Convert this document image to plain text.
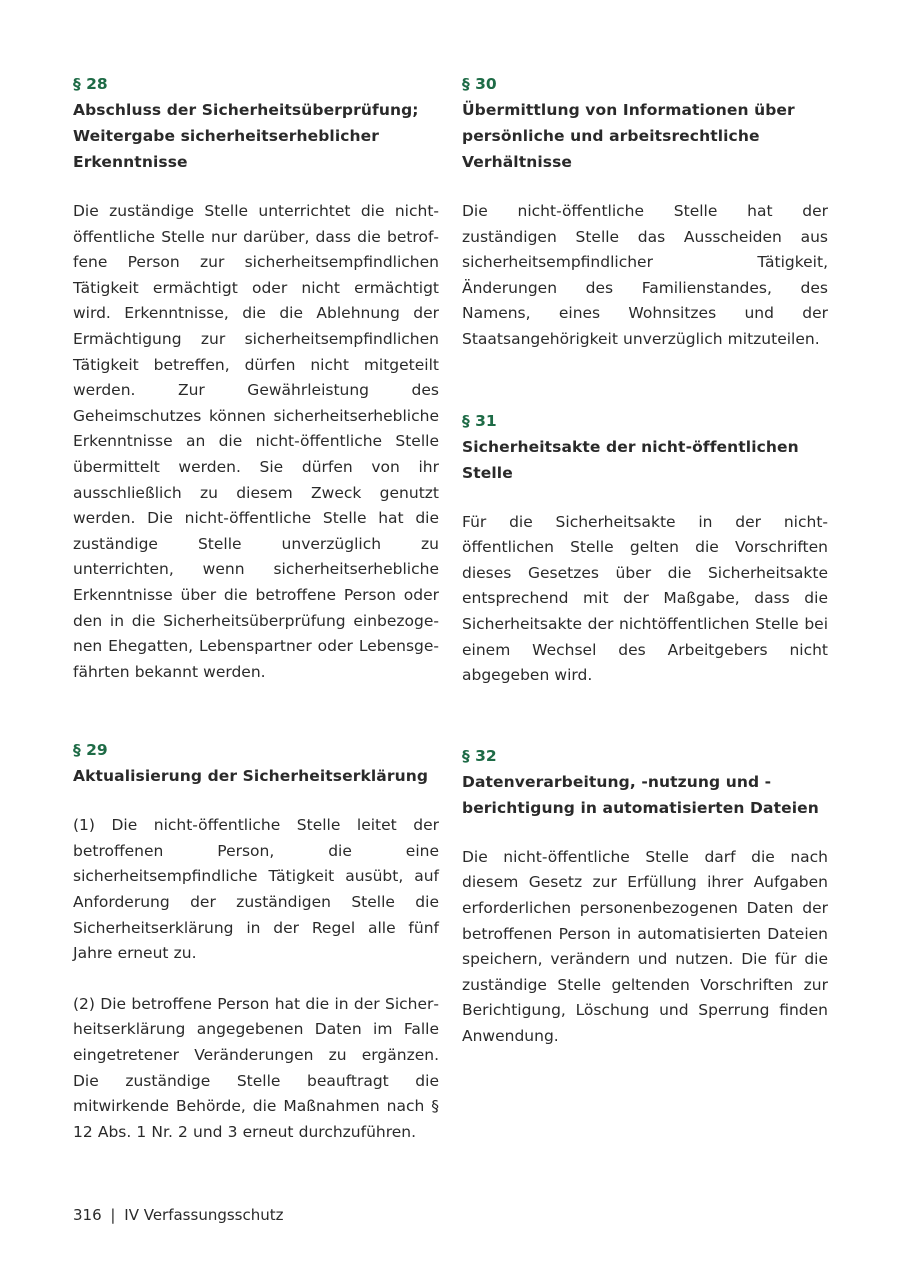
§ 28

Abschluss der Sicherheitsüberprüfung; Weitergabe sicherheitserheblicher Erkenntnisse

Die zuständige Stelle unterrichtet die nichtöffentliche Stelle nur darüber, dass die betroffene Person zur sicherheitsempfindlichen Tätigkeit ermächtigt oder nicht ermächtigt wird. Erkenntnisse, die die Ablehnung der Ermächtigung zur sicherheitsempfindlichen Tätigkeit betreffen, dürfen nicht mitgeteilt werden. Zur Gewährleistung des Geheimschutzes können sicherheitserhebliche Erkenntnisse an die nicht-öffentliche Stelle übermittelt werden. Sie dürfen von ihr ausschließlich zu diesem Zweck genutzt werden. Die nicht-öffentliche Stelle hat die zuständige Stelle unverzüglich zu unterrichten, wenn sicherheitserhebliche Erkenntnisse über die betroffene Person oder den in die Sicherheitsüberprüfung einbezogenen Ehegatten, Lebenspartner oder Lebensgefährten bekannt werden.

§ 29

Aktualisierung der Sicherheitserklärung

(1) Die nicht-öffentliche Stelle leitet der betroffenen Person, die eine sicherheitsempfindliche Tätigkeit ausübt, auf Anforderung der zuständigen Stelle die Sicherheitserklärung in der Regel alle fünf Jahre erneut zu.

(2) Die betroffene Person hat die in der Sicherheitserklärung angegebenen Daten im Falle eingetretener Veränderungen zu ergänzen. Die zuständige Stelle beauftragt die mitwirkende Behörde, die Maßnahmen nach § 12 Abs. 1 Nr. 2 und 3 erneut durchzuführen.

§ 30

Übermittlung von Informationen über persönliche und arbeitsrechtliche Verhältnisse

Die nicht-öffentliche Stelle hat der zuständigen Stelle das Ausscheiden aus sicherheitsempfindlicher Tätigkeit, Änderungen des Familienstandes, des Namens, eines Wohnsitzes und der Staatsangehörigkeit unverzüglich mitzuteilen.

§ 31

Sicherheitsakte der nicht-öffentlichen Stelle

Für die Sicherheitsakte in der nicht-öffentlichen Stelle gelten die Vorschriften dieses Gesetzes über die Sicherheitsakte entsprechend mit der Maßgabe, dass die Sicherheitsakte der nichtöffentlichen Stelle bei einem Wechsel des Arbeitgebers nicht abgegeben wird.

§ 32

Datenverarbeitung, -nutzung und -berichtigung in automatisierten Dateien

Die nicht-öffentliche Stelle darf die nach diesem Gesetz zur Erfüllung ihrer Aufgaben erforderlichen personenbezogenen Daten der betroffenen Person in automatisierten Dateien speichern, verändern und nutzen. Die für die zuständige Stelle geltenden Vorschriften zur Berichtigung, Löschung und Sperrung finden Anwendung.

316 | IV Verfassungsschutz
